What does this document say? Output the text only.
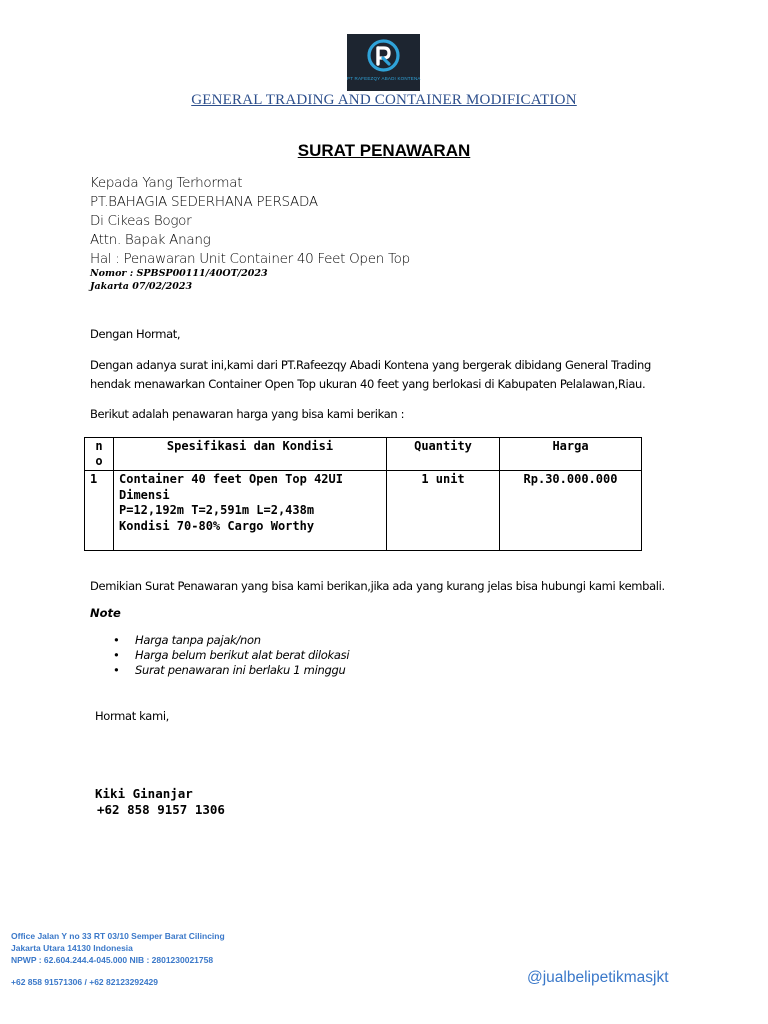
PT RAFEEZQY ABADI KONTENA
GENERAL TRADING AND CONTAINER MODIFICATION
SURAT PENAWARAN
Kepada Yang Terhormat
PT.BAHAGIA SEDERHANA PERSADA
Di Cikeas Bogor
Attn. Bapak Anang
Hal : Penawaran Unit Container 40 Feet Open Top
Nomor : SPBSP00111/40OT/2023
Jakarta 07/02/2023
Dengan Hormat,
Dengan adanya surat ini,kami dari PT.Rafeezqy Abadi Kontena yang bergerak dibidang General Trading
hendak menawarkan Container Open Top ukuran 40 feet yang berlokasi di Kabupaten Pelalawan,Riau.
Berikut adalah penawaran harga yang bisa kami berikan :
n
o	Spesifikasi dan Kondisi	Quantity	Harga
1	Container 40 feet Open Top 42UI
Dimensi
P=12,192m T=2,591m L=2,438m
Kondisi 70-80% Cargo Worthy	1 unit	Rp.30.000.000
Demikian Surat Penawaran yang bisa kami berikan,jika ada yang kurang jelas bisa hubungi kami kembali.
Note
• Harga tanpa pajak/non
• Harga belum berikut alat berat dilokasi
• Surat penawaran ini berlaku 1 minggu
Hormat kami,
Kiki Ginanjar
+62 858 9157 1306
Office Jalan Y no 33 RT 03/10 Semper Barat Cilincing
Jakarta Utara 14130 Indonesia
NPWP : 62.604.244.4-045.000 NIB : 2801230021758
+62 858 91571306 / +62 82123292429	@jualbelipetikmasjkt
